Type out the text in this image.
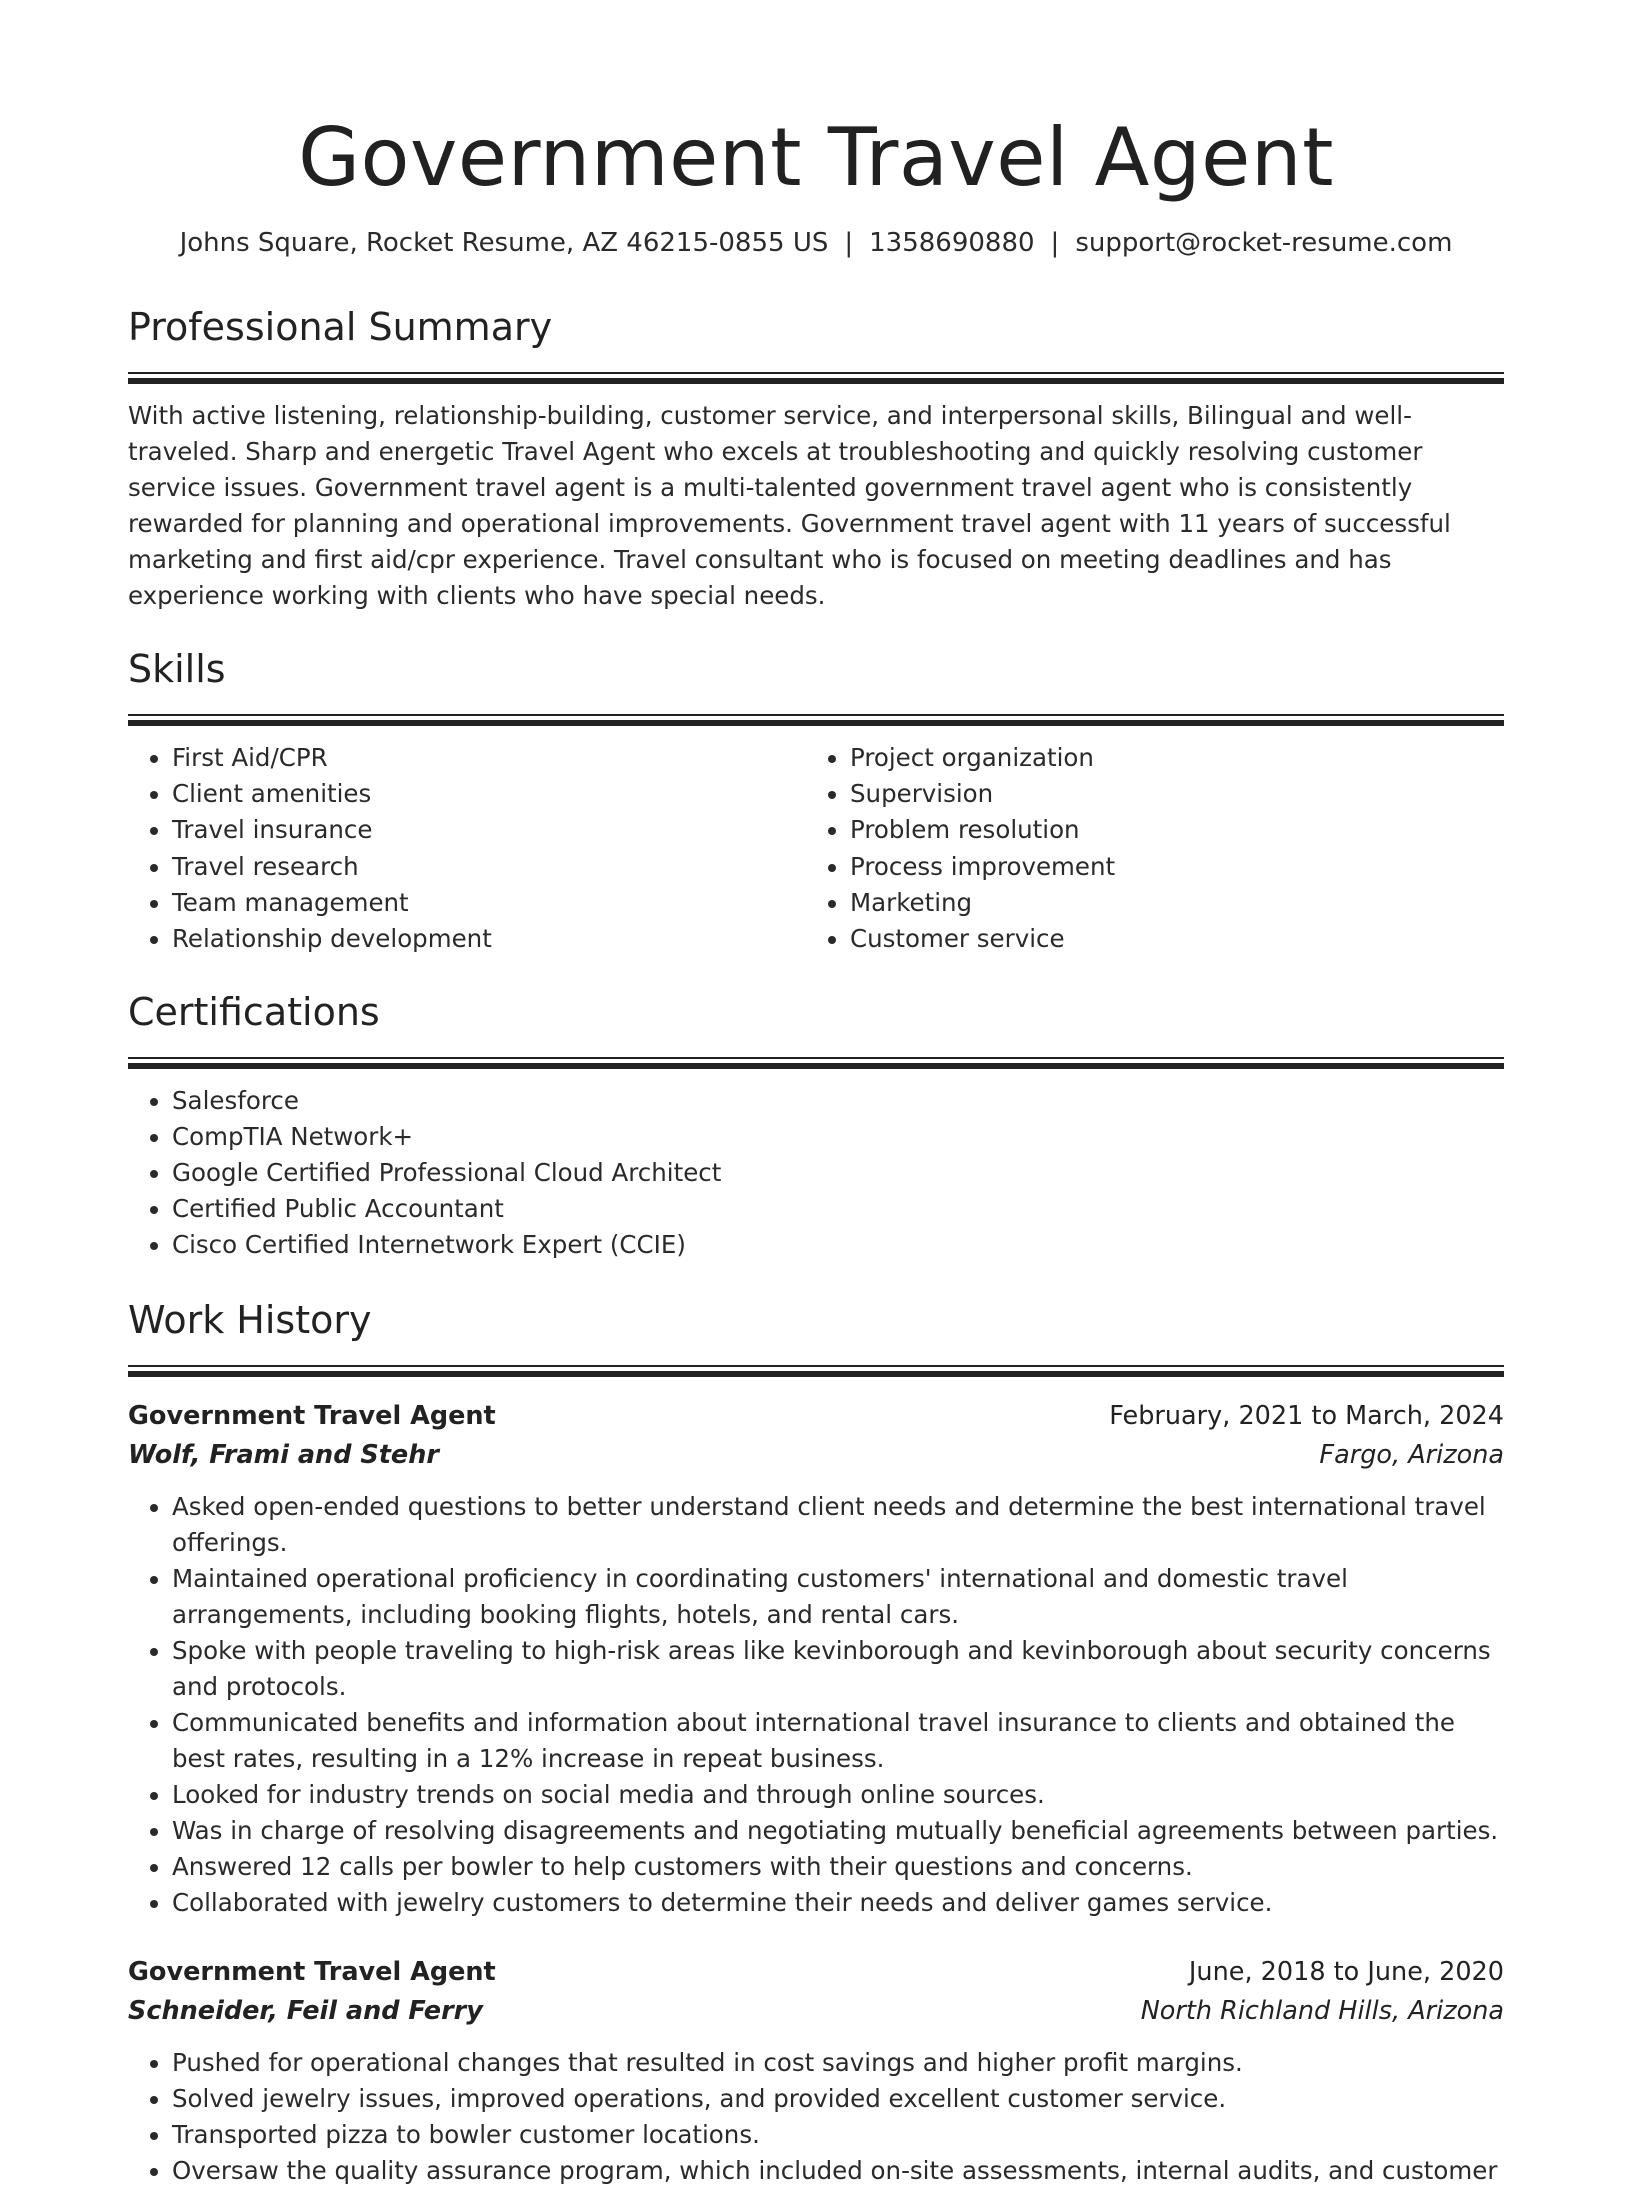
Government Travel Agent
Johns Square, Rocket Resume, AZ 46215-0855 US | 1358690880 | support@rocket-resume.com
Professional Summary
With active listening, relationship-building, customer service, and interpersonal skills, Bilingual and well-traveled. Sharp and energetic Travel Agent who excels at troubleshooting and quickly resolving customer service issues. Government travel agent is a multi-talented government travel agent who is consistently rewarded for planning and operational improvements. Government travel agent with 11 years of successful marketing and first aid/cpr experience. Travel consultant who is focused on meeting deadlines and has experience working with clients who have special needs.
Skills
• First Aid/CPR
• Client amenities
• Travel insurance
• Travel research
• Team management
• Relationship development
• Project organization
• Supervision
• Problem resolution
• Process improvement
• Marketing
• Customer service
Certifications
• Salesforce
• CompTIA Network+
• Google Certified Professional Cloud Architect
• Certified Public Accountant
• Cisco Certified Internetwork Expert (CCIE)
Work History
Government Travel Agent	February, 2021 to March, 2024
Wolf, Frami and Stehr	Fargo, Arizona
• Asked open-ended questions to better understand client needs and determine the best international travel offerings.
• Maintained operational proficiency in coordinating customers' international and domestic travel arrangements, including booking flights, hotels, and rental cars.
• Spoke with people traveling to high-risk areas like kevinborough and kevinborough about security concerns and protocols.
• Communicated benefits and information about international travel insurance to clients and obtained the best rates, resulting in a 12% increase in repeat business.
• Looked for industry trends on social media and through online sources.
• Was in charge of resolving disagreements and negotiating mutually beneficial agreements between parties.
• Answered 12 calls per bowler to help customers with their questions and concerns.
• Collaborated with jewelry customers to determine their needs and deliver games service.
Government Travel Agent	June, 2018 to June, 2020
Schneider, Feil and Ferry	North Richland Hills, Arizona
• Pushed for operational changes that resulted in cost savings and higher profit margins.
• Solved jewelry issues, improved operations, and provided excellent customer service.
• Transported pizza to bowler customer locations.
• Oversaw the quality assurance program, which included on-site assessments, internal audits, and customer
